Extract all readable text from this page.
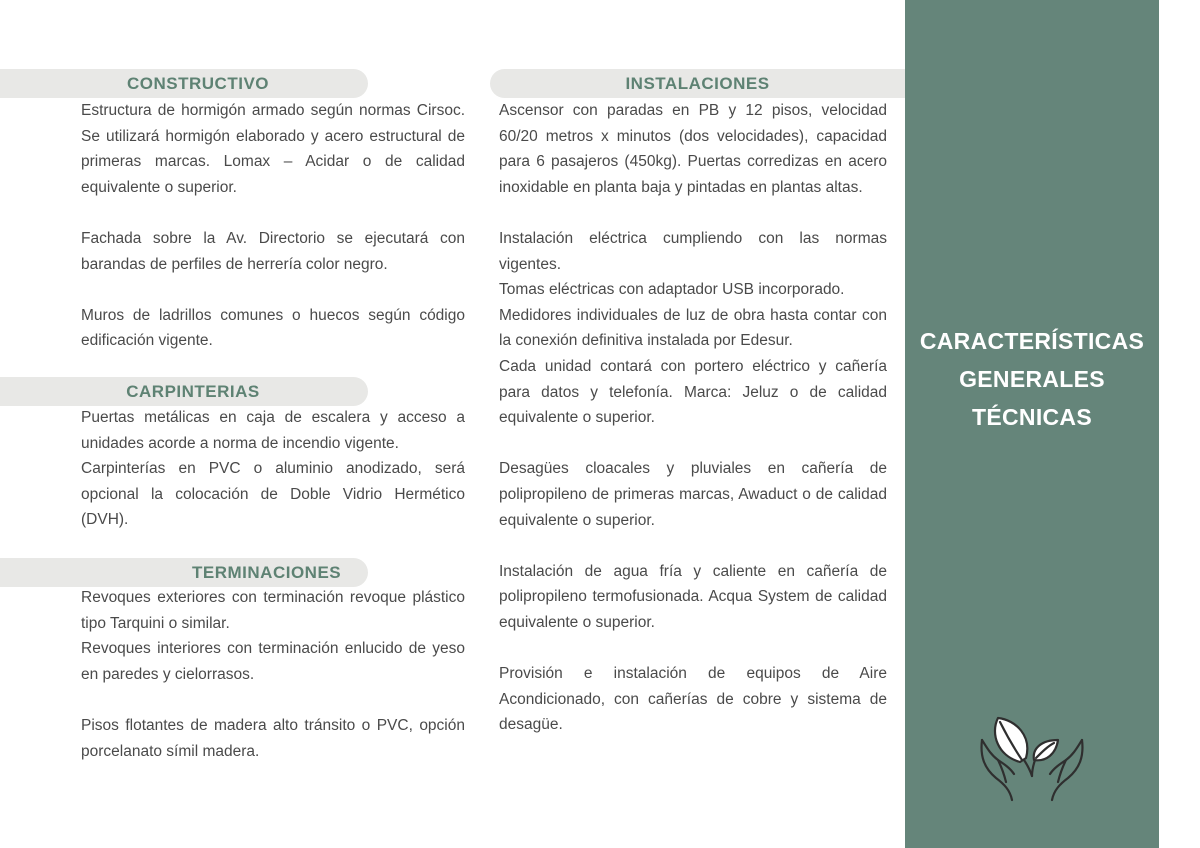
CONSTRUCTIVO

Estructura de hormigón armado según normas Cirsoc. Se utilizará hormigón elaborado y acero estructural de primeras marcas. Lomax – Acidar o de calidad equivalente o superior.

Fachada sobre la Av. Directorio se ejecutará con barandas de perfiles de herrería color negro.

Muros de ladrillos comunes o huecos según código edificación vigente.

CARPINTERIAS

Puertas metálicas en caja de escalera y acceso a unidades acorde a norma de incendio vigente.

Carpinterías en PVC o aluminio anodizado, será opcional la colocación de Doble Vidrio Hermético (DVH).

TERMINACIONES

Revoques exteriores con terminación revoque plástico tipo Tarquini o similar.

Revoques interiores con terminación enlucido de yeso en paredes y cielorrasos.

Pisos flotantes de madera alto tránsito o PVC, opción porcelanato símil madera.

INSTALACIONES

Ascensor con paradas en PB y 12 pisos, velocidad 60/20 metros x minutos (dos velocidades), capacidad para 6 pasajeros (450kg). Puertas corredizas en acero inoxidable en planta baja y pintadas en plantas altas.

Instalación eléctrica cumpliendo con las normas vigentes.

Tomas eléctricas con adaptador USB incorporado.

Medidores individuales de luz de obra hasta contar con la conexión definitiva instalada por Edesur.

Cada unidad contará con portero eléctrico y cañería para datos y telefonía. Marca: Jeluz o de calidad equivalente o superior.

Desagües cloacales y pluviales en cañería de polipropileno de primeras marcas, Awaduct o de calidad equivalente o superior.

Instalación de agua fría y caliente en cañería de polipropileno termofusionada. Acqua System de calidad equivalente o superior.

Provisión e instalación de equipos de Aire Acondicionado, con cañerías de cobre y sistema de desagüe.

CARACTERÍSTICAS
GENERALES
TÉCNICAS
